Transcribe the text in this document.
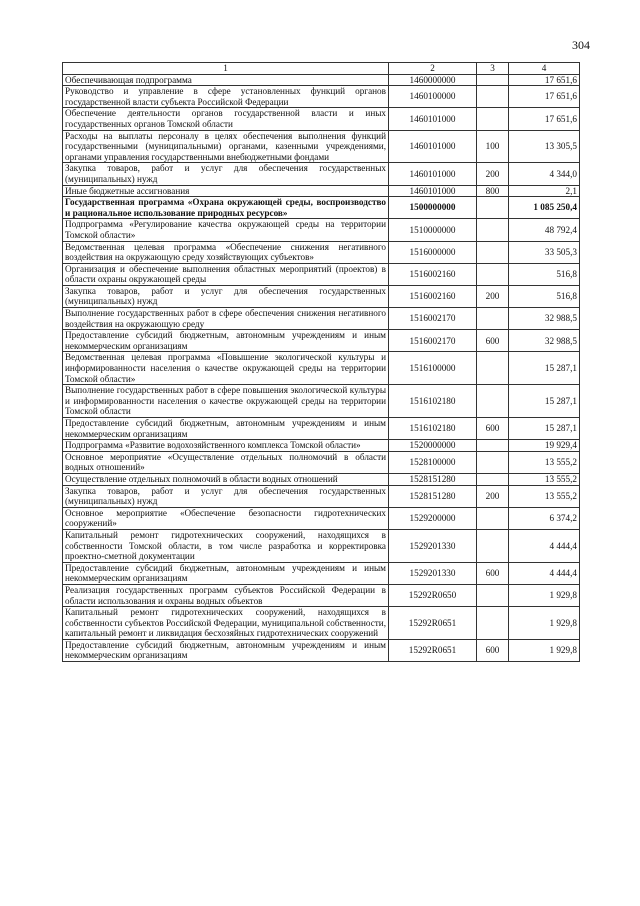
304
1	2	3	4
Обеспечивающая подпрограмма	1460000000		17 651,6
Руководство и управление в сфере установленных функций органов государственной власти субъекта Российской Федерации	1460100000		17 651,6
Обеспечение деятельности органов государственной власти и иных государственных органов Томской области	1460101000		17 651,6
Расходы на выплаты персоналу в целях обеспечения выполнения функций государственными (муниципальными) органами, казенными учреждениями, органами управления государственными внебюджетными фондами	1460101000	100	13 305,5
Закупка товаров, работ и услуг для обеспечения государственных (муниципальных) нужд	1460101000	200	4 344,0
Иные бюджетные ассигнования	1460101000	800	2,1
Государственная программа «Охрана окружающей среды, воспроизводство и рациональное использование природных ресурсов»	1500000000		1 085 250,4
Подпрограмма «Регулирование качества окружающей среды на территории Томской области»	1510000000		48 792,4
Ведомственная целевая программа «Обеспечение снижения негативного воздействия на окружающую среду хозяйствующих субъектов»	1516000000		33 505,3
Организация и обеспечение выполнения областных мероприятий (проектов) в области охраны окружающей среды	1516002160		516,8
Закупка товаров, работ и услуг для обеспечения государственных (муниципальных) нужд	1516002160	200	516,8
Выполнение государственных работ в сфере обеспечения снижения негативного воздействия на окружающую среду	1516002170		32 988,5
Предоставление субсидий бюджетным, автономным учреждениям и иным некоммерческим организациям	1516002170	600	32 988,5
Ведомственная целевая программа «Повышение экологической культуры и информированности населения о качестве окружающей среды на территории Томской области»	1516100000		15 287,1
Выполнение государственных работ в сфере повышения экологической культуры и информированности населения о качестве окружающей среды на территории Томской области	1516102180		15 287,1
Предоставление субсидий бюджетным, автономным учреждениям и иным некоммерческим организациям	1516102180	600	15 287,1
Подпрограмма «Развитие водохозяйственного комплекса Томской области»	1520000000		19 929,4
Основное мероприятие «Осуществление отдельных полномочий в области водных отношений»	1528100000		13 555,2
Осуществление отдельных полномочий в области водных отношений	1528151280		13 555,2
Закупка товаров, работ и услуг для обеспечения государственных (муниципальных) нужд	1528151280	200	13 555,2
Основное мероприятие «Обеспечение безопасности гидротехнических сооружений»	1529200000		6 374,2
Капитальный ремонт гидротехнических сооружений, находящихся в собственности Томской области, в том числе разработка и корректировка проектно-сметной документации	1529201330		4 444,4
Предоставление субсидий бюджетным, автономным учреждениям и иным некоммерческим организациям	1529201330	600	4 444,4
Реализация государственных программ субъектов Российской Федерации в области использования и охраны водных объектов	15292R0650		1 929,8
Капитальный ремонт гидротехнических сооружений, находящихся в собственности субъектов Российской Федерации, муниципальной собственности, капитальный ремонт и ликвидация бесхозяйных гидротехнических сооружений	15292R0651		1 929,8
Предоставление субсидий бюджетным, автономным учреждениям и иным некоммерческим организациям	15292R0651	600	1 929,8
